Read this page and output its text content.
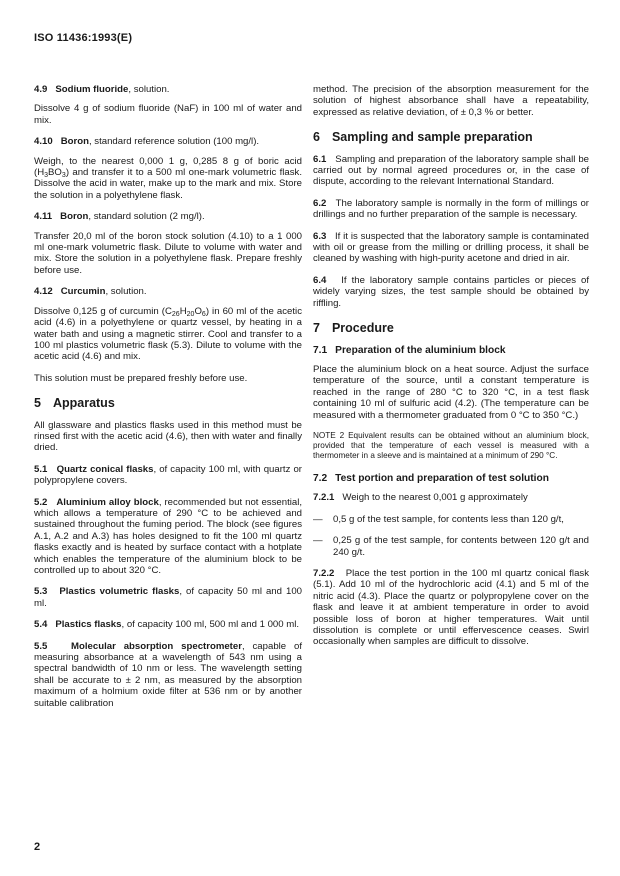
ISO 11436:1993(E)
4.9 Sodium fluoride, solution.

Dissolve 4 g of sodium fluoride (NaF) in 100 ml of water and mix.

4.10 Boron, standard reference solution (100 mg/l).

Weigh, to the nearest 0,000 1 g, 0,285 8 g of boric acid $(H_3BO_3)$ and transfer it to a 500 ml one-mark volumetric flask. Dissolve the acid in water, make up to the mark and mix. Store the solution in a polyethylene flask.

4.11 Boron, standard solution (2 mg/l).

Transfer 20,0 ml of the boron stock solution (4.10) to a 1 000 ml one-mark volumetric flask. Dilute to volume with water and mix. Store the solution in a polyethylene flask. Prepare freshly before use.

4.12 Curcumin, solution.

Dissolve 0,125 g of curcumin $(C_{26}H_{20}O_6)$ in 60 ml of the acetic acid (4.6) in a polyethylene or quartz vessel, by heating in a water bath and using a magnetic stirrer. Cool and transfer to a 100 ml plastics volumetric flask (5.3). Dilute to volume with the acetic acid (4.6) and mix.

This solution must be prepared freshly before use.

5 Apparatus

All glassware and plastics flasks used in this method must be rinsed first with the acetic acid (4.6), then with water and finally dried.

5.1 Quartz conical flasks, of capacity 100 ml, with quartz or polypropylene covers.

5.2 Aluminium alloy block, recommended but not essential, which allows a temperature of 290 °C to be achieved and sustained throughout the fuming period. The block (see figures A.1, A.2 and A.3) has holes designed to fit the 100 ml quartz flasks exactly and is heated by surface contact with a hotplate which enables the temperature of the aluminium block to be controlled up to about 320 °C.

5.3 Plastics volumetric flasks, of capacity 50 ml and 100 ml.

5.4 Plastics flasks, of capacity 100 ml, 500 ml and 1 000 ml.

5.5 Molecular absorption spectrometer, capable of measuring absorbance at a wavelength of 543 nm using a spectral bandwidth of 10 nm or less. The wavelength setting shall be accurate to ± 2 nm, as measured by the absorption maximum of a holmium oxide filter at 536 nm or by another suitable calibration

method. The precision of the absorption measurement for the solution of highest absorbance shall have a repeatability, expressed as relative deviation, of ± 0,3 % or better.

6 Sampling and sample preparation

6.1 Sampling and preparation of the laboratory sample shall be carried out by normal agreed procedures or, in the case of dispute, according to the relevant International Standard.

6.2 The laboratory sample is normally in the form of millings or drillings and no further preparation of the sample is necessary.

6.3 If it is suspected that the laboratory sample is contaminated with oil or grease from the milling or drilling process, it shall be cleaned by washing with high-purity acetone and dried in air.

6.4 If the laboratory sample contains particles or pieces of widely varying sizes, the test sample should be obtained by riffling.

7 Procedure
7.1 Preparation of the aluminium block

Place the aluminium block on a heat source. Adjust the surface temperature of the source, until a constant temperature is reached in the range of 280 °C to 320 °C, in a test flask containing 10 ml of sulfuric acid (4.2). (The temperature can be measured with a thermometer graduated from 0 °C to 350 °C.)

NOTE 2 Equivalent results can be obtained without an aluminium block, provided that the temperature of each vessel is measured with a thermometer in a sleeve and is maintained at a minimum of 290 °C.

7.2 Test portion and preparation of test solution

7.2.1 Weigh to the nearest 0,001 g approximately

—	0,5 g of the test sample, for contents less than 120 g/t,
—	0,25 g of the test sample, for contents between 120 g/t and 240 g/t.

7.2.2 Place the test portion in the 100 ml quartz conical flask (5.1). Add 10 ml of the hydrochloric acid (4.1) and 5 ml of the nitric acid (4.3). Place the quartz or polypropylene cover on the flask and leave it at ambient temperature in order to avoid possible loss of boron at higher temperatures. Wait until dissolution is complete or until effervescence ceases. Swirl occasionally when samples are difficult to dissolve.

2
